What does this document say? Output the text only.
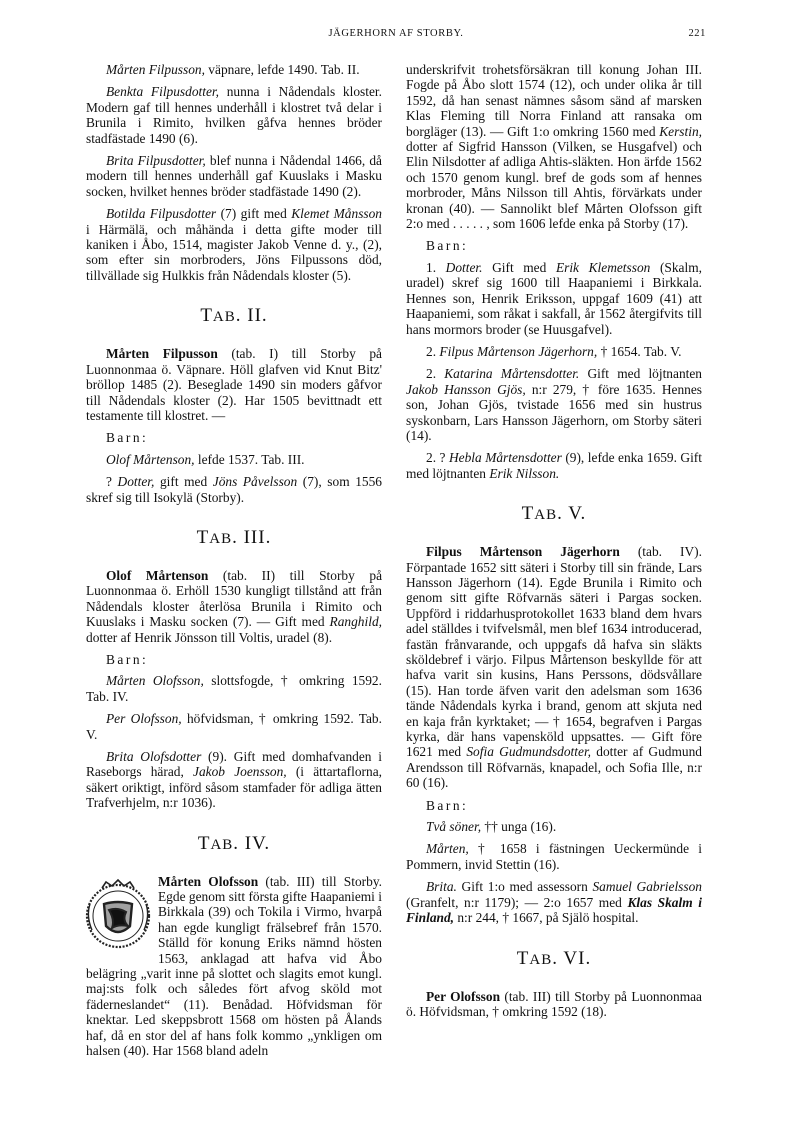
JÄGERHORN AF STORBY.	221

Mårten Filpusson, väpnare, lefde 1490. Tab. II.

Benkta Filpusdotter, nunna i Nådendals kloster. Modern gaf till hennes underhåll i klostret två delar i Brunila i Rimito, hvilken gåfva hennes bröder stadfästade 1490 (6).

Brita Filpusdotter, blef nunna i Nådendal 1466, då modern till hennes underhåll gaf Kuuslaks i Masku socken, hvilket hennes bröder stadfästade 1490 (2).

Botilda Filpusdotter (7) gift med Klemet Månsson i Härmälä, och måhända i detta gifte moder till kaniken i Åbo, 1514, magister Jakob Venne d. y., (2), som efter sin morbroders, Jöns Filpussons död, tillvällade sig Hulkkis från Nådendals kloster (5).

TAB. II.

Mårten Filpusson (tab. I) till Storby på Luonnonmaa ö. Väpnare. Höll glafven vid Knut Bitz' bröllop 1485 (2). Beseglade 1490 sin moders gåfvor till Nådendals kloster (2). Har 1505 bevittnadt ett testamente till klostret. —

Barn:

Olof Mårtenson, lefde 1537. Tab. III.

? Dotter, gift med Jöns Påvelsson (7), som 1556 skref sig till Isokylä (Storby).

TAB. III.

Olof Mårtenson (tab. II) till Storby på Luonnonmaa ö. Erhöll 1530 kungligt tillstånd att från Nådendals kloster återlösa Brunila i Rimito och Kuuslaks i Masku socken (7). — Gift med Ranghild, dotter af Henrik Jönsson till Voltis, uradel (8).

Barn:

Mårten Olofsson, slottsfogde, † omkring 1592. Tab. IV.

Per Olofsson, höfvidsman, † omkring 1592. Tab. V.

Brita Olofsdotter (9). Gift med domhafvanden i Raseborgs härad, Jakob Joensson, (i ättartaflorna, säkert oriktigt, införd såsom stamfader för adliga ätten Trafverhjelm, n:r 1036).

TAB. IV.

Mårten Olofsson (tab. III) till Storby. Egde genom sitt första gifte Haapaniemi i Birkkala (39) och Tokila i Virmo, hvarpå han egde kungligt frälsebref från 1570. Ställd för konung Eriks nämnd hösten 1563, anklagad att hafva vid Åbo belägring „varit inne på slottet och slagits emot kungl. maj:sts folk och således fört afvog sköld mot fäderneslandet“ (11). Benådad. Höfvidsman för knektar. Led skeppsbrott 1568 om hösten på Ålands haf, då en stor del af hans folk kommo „ynkligen om halsen (40). Har 1568 bland adeln

underskrifvit trohetsförsäkran till konung Johan III. Fogde på Åbo slott 1574 (12), och under olika år till 1592, då han senast nämnes såsom sänd af marsken Klas Fleming till Norra Finland att ransaka om borgläger (13). — Gift 1:o omkring 1560 med Kerstin, dotter af Sigfrid Hansson (Vilken, se Husgafvel) och Elin Nilsdotter af adliga Ahtis-släkten. Hon ärfde 1562 och 1570 genom kungl. bref de gods som af hennes morbroder, Måns Nilsson till Ahtis, förvärkats under kronan (40). — Sannolikt blef Mårten Olofsson gift 2:o med . . . . . , som 1606 lefde enka på Storby (17).

Barn:

1. Dotter. Gift med Erik Klemetsson (Skalm, uradel) skref sig 1600 till Haapaniemi i Birkkala. Hennes son, Henrik Eriksson, uppgaf 1609 (41) att Haapaniemi, som råkat i sakfall, år 1562 återgifvits till hans mormors broder (se Huusgafvel).

2. Filpus Mårtenson Jägerhorn, † 1654. Tab. V.

2. Katarina Mårtensdotter. Gift med löjtnanten Jakob Hansson Gjös, n:r 279, † före 1635. Hennes son, Johan Gjös, tvistade 1656 med sin hustrus syskonbarn, Lars Hansson Jägerhorn, om Storby säteri (14).

2. ? Hebla Mårtensdotter (9), lefde enka 1659. Gift med löjtnanten Erik Nilsson.

TAB. V.

Filpus Mårtenson Jägerhorn (tab. IV). Förpantade 1652 sitt säteri i Storby till sin frände, Lars Hansson Jägerhorn (14). Egde Brunila i Rimito och genom sitt gifte Röfvarnäs säteri i Pargas socken. Uppförd i riddarhusprotokollet 1633 bland dem hvars adel ställdes i tvifvelsmål, men blef 1634 introducerad, fastän frånvarande, och uppgafs då hafva sin släkts sköldebref i värjo. Filpus Mårtenson beskyllde för att hafva varit sin kusins, Hans Perssons, dödsvållare (15). Han torde äfven varit den adelsman som 1636 tände Nådendals kyrka i brand, genom att skjuta ned en kaja från kyrktaket; — † 1654, begrafven i Pargas kyrka, där hans vapensköld uppsattes. — Gift före 1621 med Sofia Gudmundsdotter, dotter af Gudmund Arendsson till Röfvarnäs, knapadel, och Sofia Ille, n:r 60 (16).

Barn:

Två söner, †† unga (16).

Mårten, † 1658 i fästningen Ueckermünde i Pommern, invid Stettin (16).

Brita. Gift 1:o med assessorn Samuel Gabrielsson (Granfelt, n:r 1179); — 2:o 1657 med Klas Skalm i Finland, n:r 244, † 1667, på Själö hospital.

TAB. VI.

Per Olofsson (tab. III) till Storby på Luonnonmaa ö. Höfvidsman, † omkring 1592 (18).
